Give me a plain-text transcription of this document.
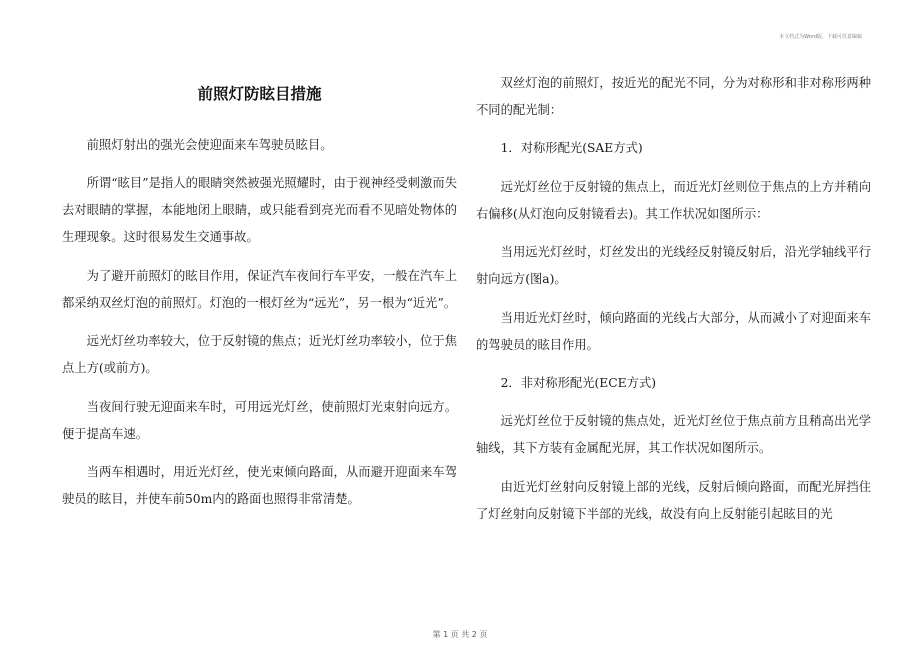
本文档式为Word版，下载可任意编辑
前照灯防眩目措施

前照灯射出的强光会使迎面来车驾驶员眩目。

所谓“眩目”是指人的眼睛突然被强光照耀时，由于视神经受刺激而失去对眼睛的掌握，本能地闭上眼睛，或只能看到亮光而看不见暗处物体的生理现象。这时很易发生交通事故。

为了避开前照灯的眩目作用，保证汽车夜间行车平安，一般在汽车上都采纳双丝灯泡的前照灯。灯泡的一根灯丝为“远光”，另一根为“近光”。

远光灯丝功率较大，位于反射镜的焦点；近光灯丝功率较小，位于焦点上方(或前方)。

当夜间行驶无迎面来车时，可用远光灯丝，使前照灯光束射向远方。便于提高车速。

当两车相遇时，用近光灯丝，使光束倾向路面，从而避开迎面来车驾驶员的眩目，并使车前50m内的路面也照得非常清楚。

双丝灯泡的前照灯，按近光的配光不同，分为对称形和非对称形两种不同的配光制：

1．对称形配光(SAE方式)

远光灯丝位于反射镜的焦点上，而近光灯丝则位于焦点的上方并稍向右偏移(从灯泡向反射镜看去)。其工作状况如图所示：

当用远光灯丝时，灯丝发出的光线经反射镜反射后，沿光学轴线平行射向远方(图a)。

当用近光灯丝时，倾向路面的光线占大部分，从而减小了对迎面来车的驾驶员的眩目作用。

2．非对称形配光(ECE方式)

远光灯丝位于反射镜的焦点处，近光灯丝位于焦点前方且稍高出光学轴线，其下方装有金属配光屏，其工作状况如图所示。

由近光灯丝射向反射镜上部的光线，反射后倾向路面，而配光屏挡住了灯丝射向反射镜下半部的光线，故没有向上反射能引起眩目的光

第 1 页 共 2 页
